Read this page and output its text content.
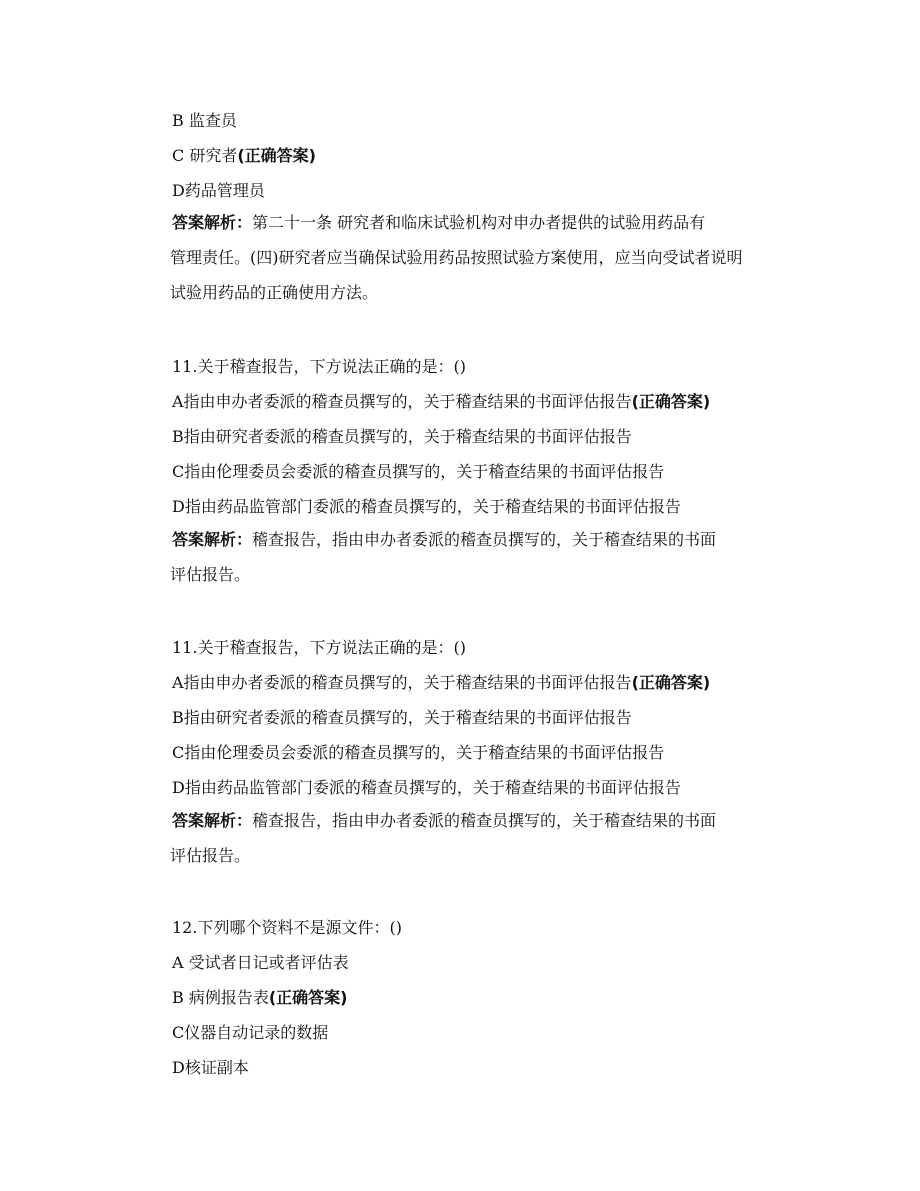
B 监查员
C 研究者(正确答案)
D药品管理员
答案解析：第二十一条 研究者和临床试验机构对申办者提供的试验用药品有
管理责任。(四)研究者应当确保试验用药品按照试验方案使用，应当向受试者说明
试验用药品的正确使用方法。
11.关于稽查报告，下方说法正确的是：()
A指由申办者委派的稽查员撰写的，关于稽查结果的书面评估报告(正确答案)
B指由研究者委派的稽查员撰写的，关于稽查结果的书面评估报告
C指由伦理委员会委派的稽查员撰写的，关于稽查结果的书面评估报告
D指由药品监管部门委派的稽查员撰写的，关于稽查结果的书面评估报告
答案解析：稽查报告，指由申办者委派的稽查员撰写的，关于稽查结果的书面
评估报告。
11.关于稽查报告，下方说法正确的是：()
A指由申办者委派的稽查员撰写的，关于稽查结果的书面评估报告(正确答案)
B指由研究者委派的稽查员撰写的，关于稽查结果的书面评估报告
C指由伦理委员会委派的稽查员撰写的，关于稽查结果的书面评估报告
D指由药品监管部门委派的稽查员撰写的，关于稽查结果的书面评估报告
答案解析：稽查报告，指由申办者委派的稽查员撰写的，关于稽查结果的书面
评估报告。
12.下列哪个资料不是源文件：()
A 受试者日记或者评估表
B 病例报告表(正确答案)
C仪器自动记录的数据
D核证副本
